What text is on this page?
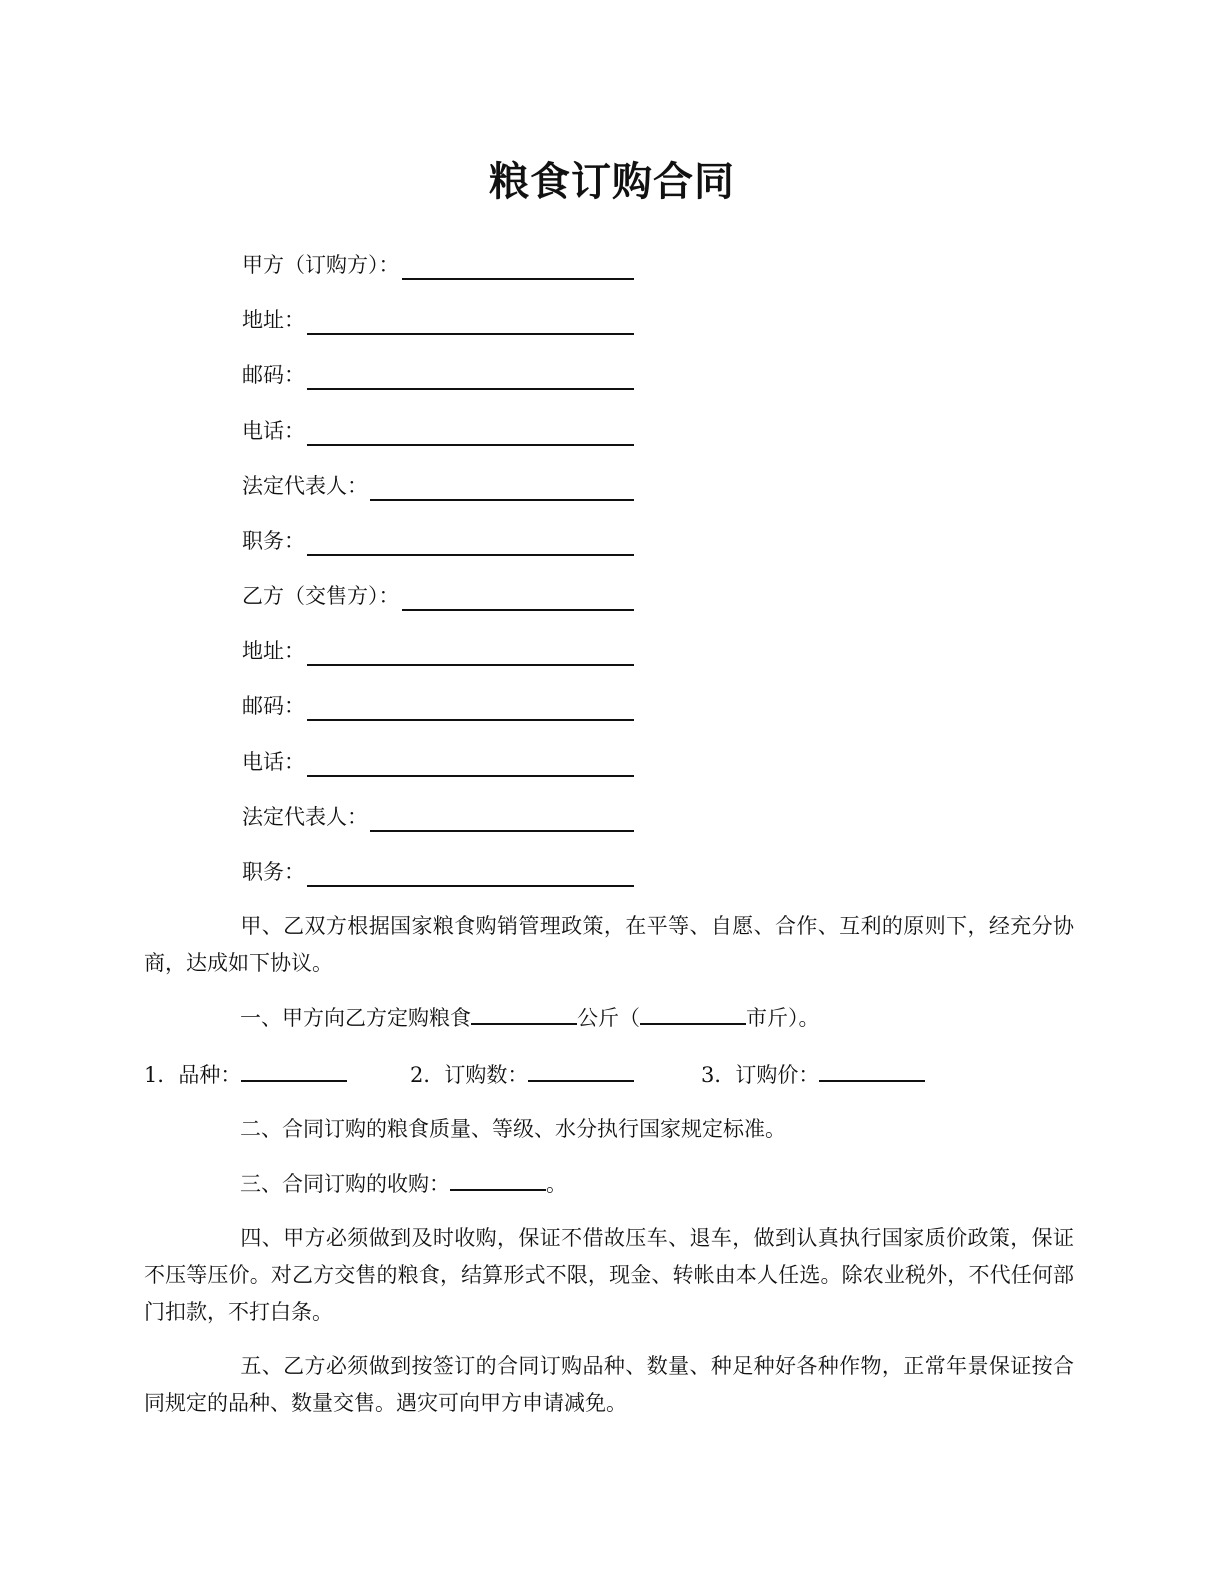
粮食订购合同
甲方（订购方）：
地址：
邮码：
电话：
法定代表人：
职务：
乙方（交售方）：
地址：
邮码：
电话：
法定代表人：
职务：
甲、乙双方根据国家粮食购销管理政策，在平等、自愿、合作、互利的原则下，经充分协商，达成如下协议。
一、甲方向乙方定购粮食	公斤（	市斤）。
1．品种：	2．订购数：	3．订购价：
二、合同订购的粮食质量、等级、水分执行国家规定标准。
三、合同订购的收购：	。
四、甲方必须做到及时收购，保证不借故压车、退车，做到认真执行国家质价政策，保证不压等压价。对乙方交售的粮食，结算形式不限，现金、转帐由本人任选。除农业税外，不代任何部门扣款，不打白条。
五、乙方必须做到按签订的合同订购品种、数量、种足种好各种作物，正常年景保证按合同规定的品种、数量交售。遇灾可向甲方申请减免。
